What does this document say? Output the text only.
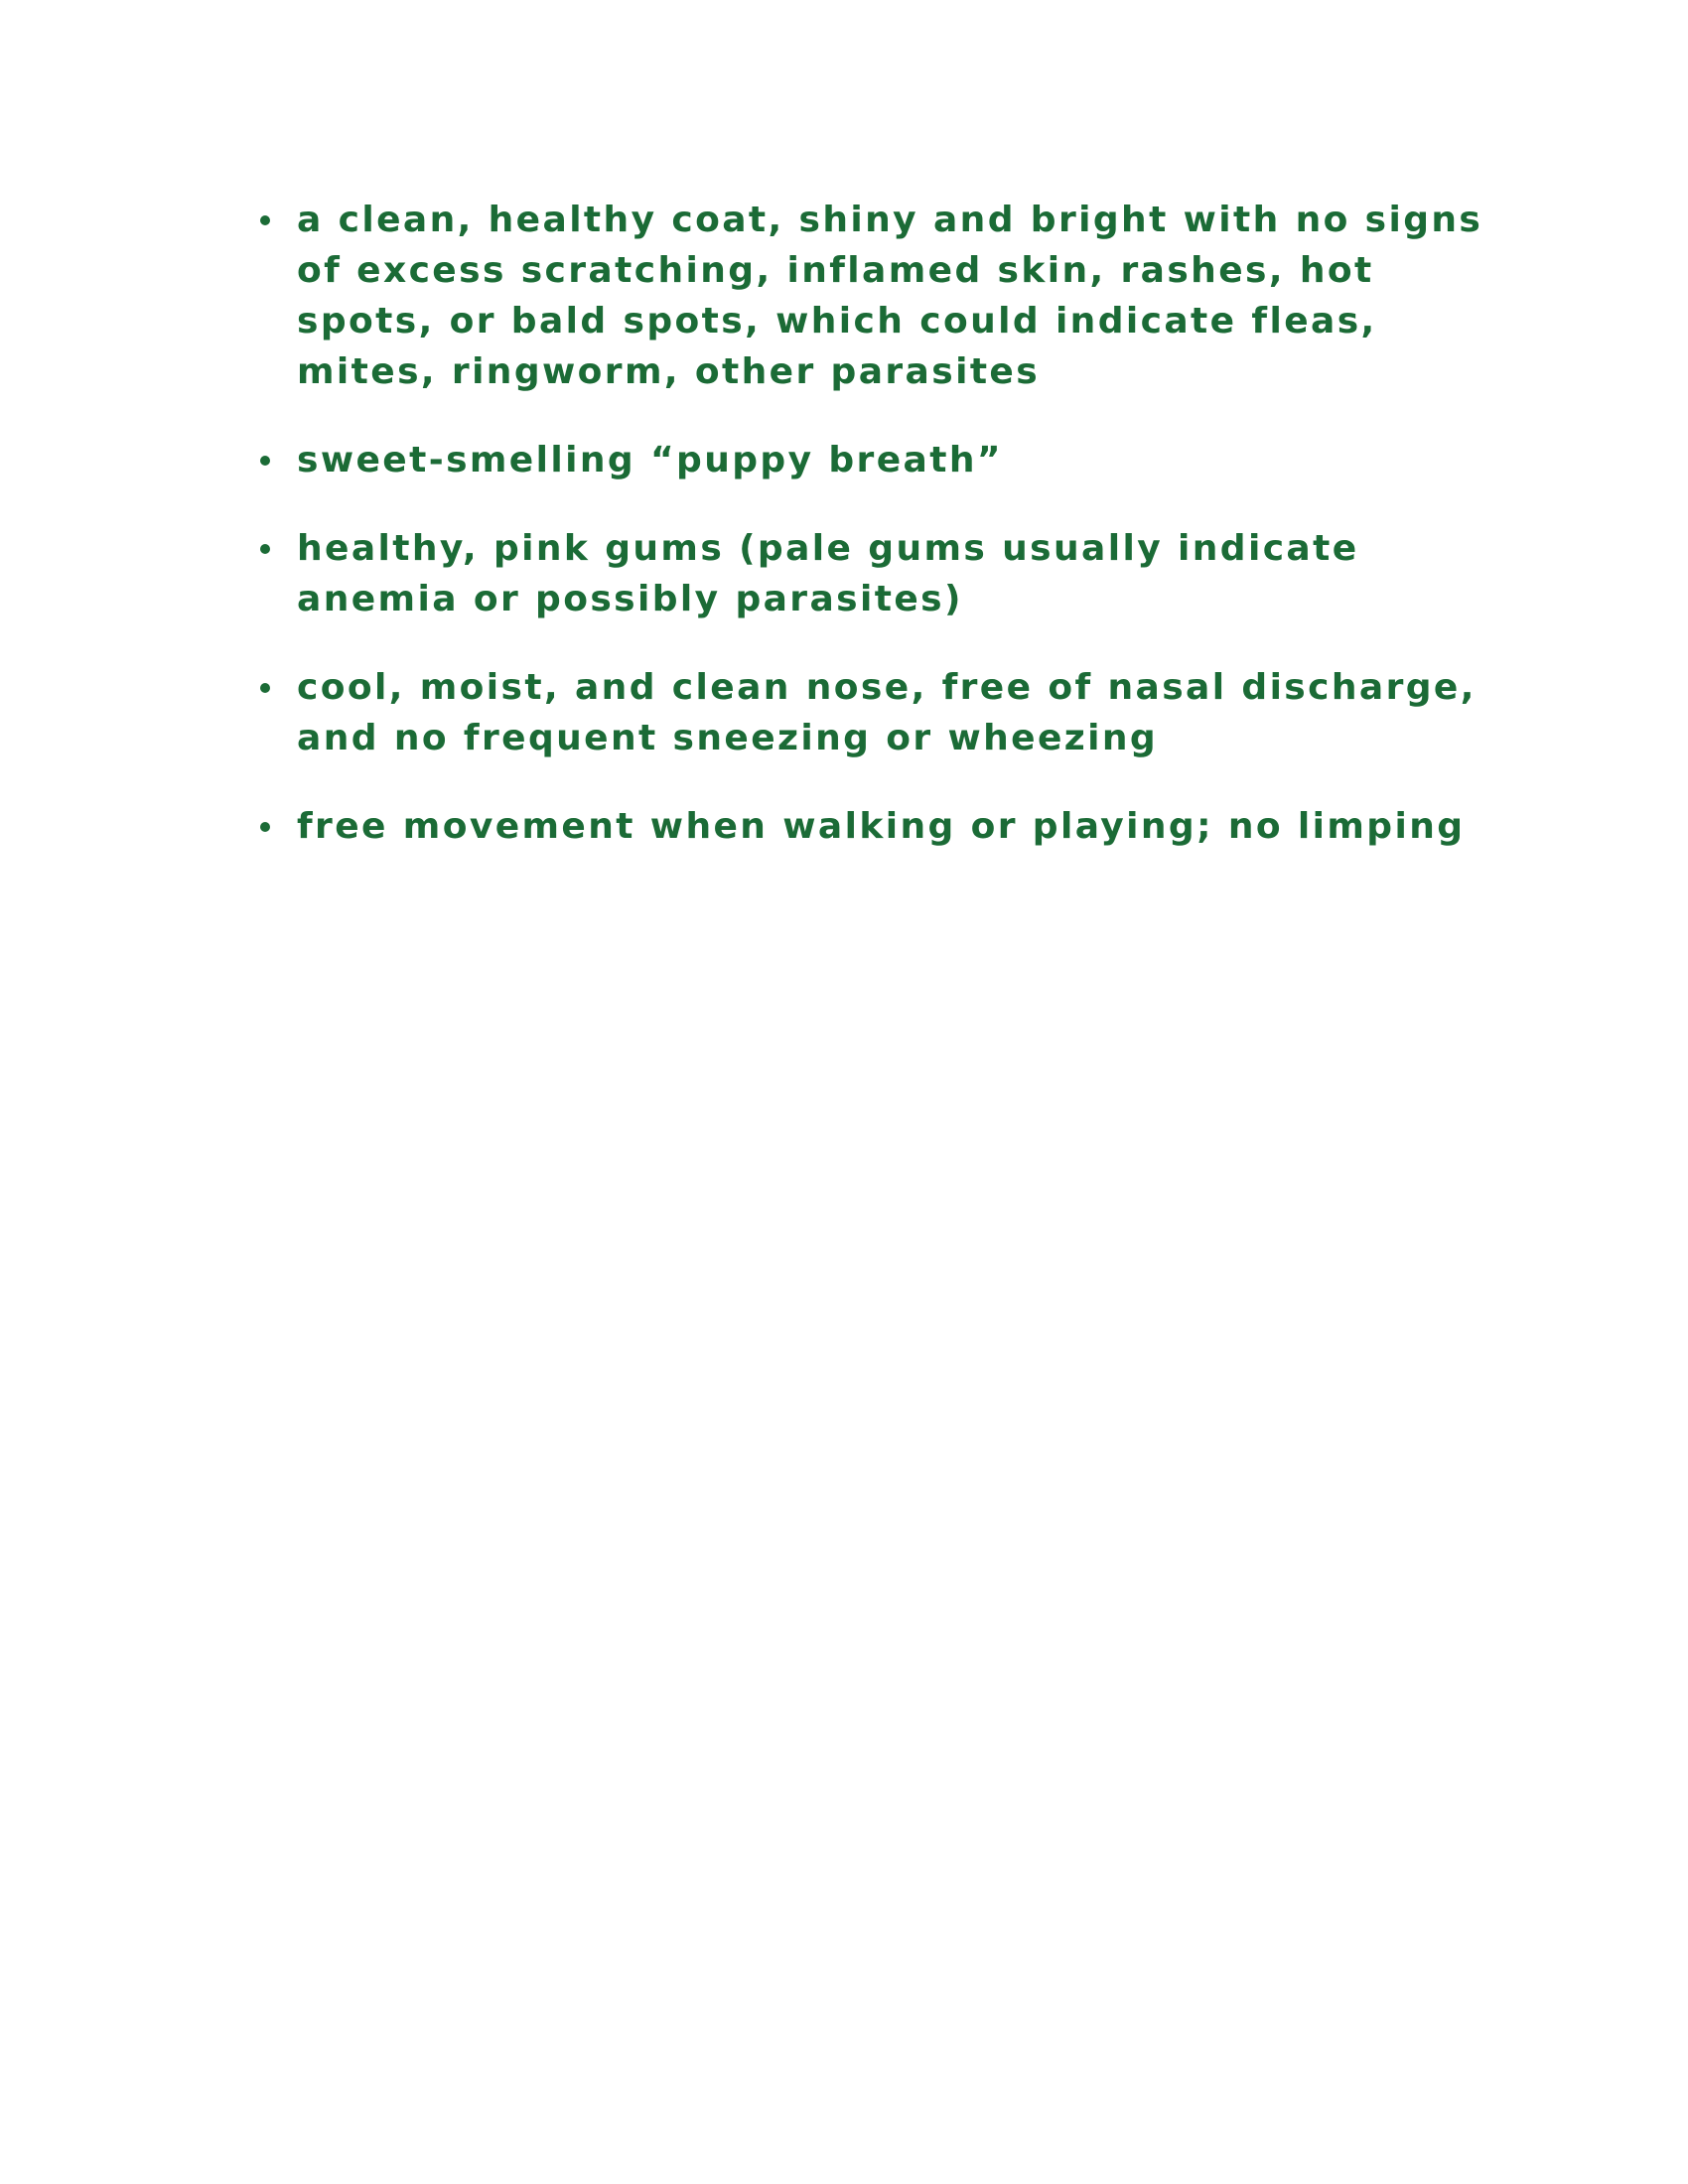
a clean, healthy coat, shiny and bright with no signs of excess scratching, inflamed skin, rashes, hot spots, or bald spots, which could indicate fleas, mites, ringworm, other parasites
sweet-smelling “puppy breath”
healthy, pink gums (pale gums usually indicate anemia or possibly parasites)
cool, moist, and clean nose, free of nasal discharge, and no frequent sneezing or wheezing
free movement when walking or playing; no limping
